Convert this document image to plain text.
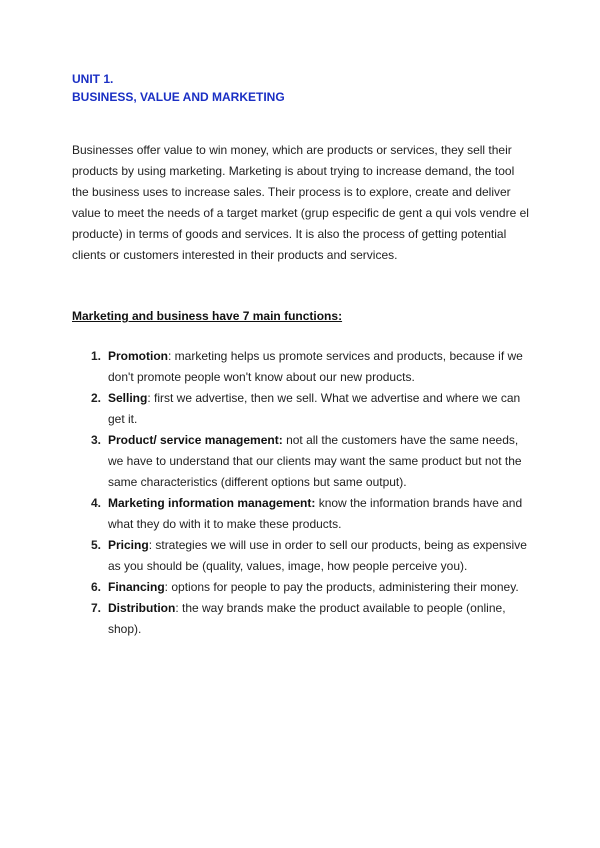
UNIT 1.
BUSINESS, VALUE AND MARKETING

Businesses offer value to win money, which are products or services, they sell their products by using marketing. Marketing is about trying to increase demand, the tool the business uses to increase sales. Their process is to explore, create and deliver value to meet the needs of a target market (grup especific de gent a qui vols vendre el producte) in terms of goods and services. It is also the process of getting potential clients or customers interested in their products and services.

Marketing and business have 7 main functions:
1. Promotion: marketing helps us promote services and products, because if we don't promote people won't know about our new products.
2. Selling: first we advertise, then we sell. What we advertise and where we can get it.
3. Product/ service management: not all the customers have the same needs, we have to understand that our clients may want the same product but not the same characteristics (different options but same output).
4. Marketing information management: know the information brands have and what they do with it to make these products.
5. Pricing: strategies we will use in order to sell our products, being as expensive as you should be (quality, values, image, how people perceive you).
6. Financing: options for people to pay the products, administering their money.
7. Distribution: the way brands make the product available to people (online, shop).
